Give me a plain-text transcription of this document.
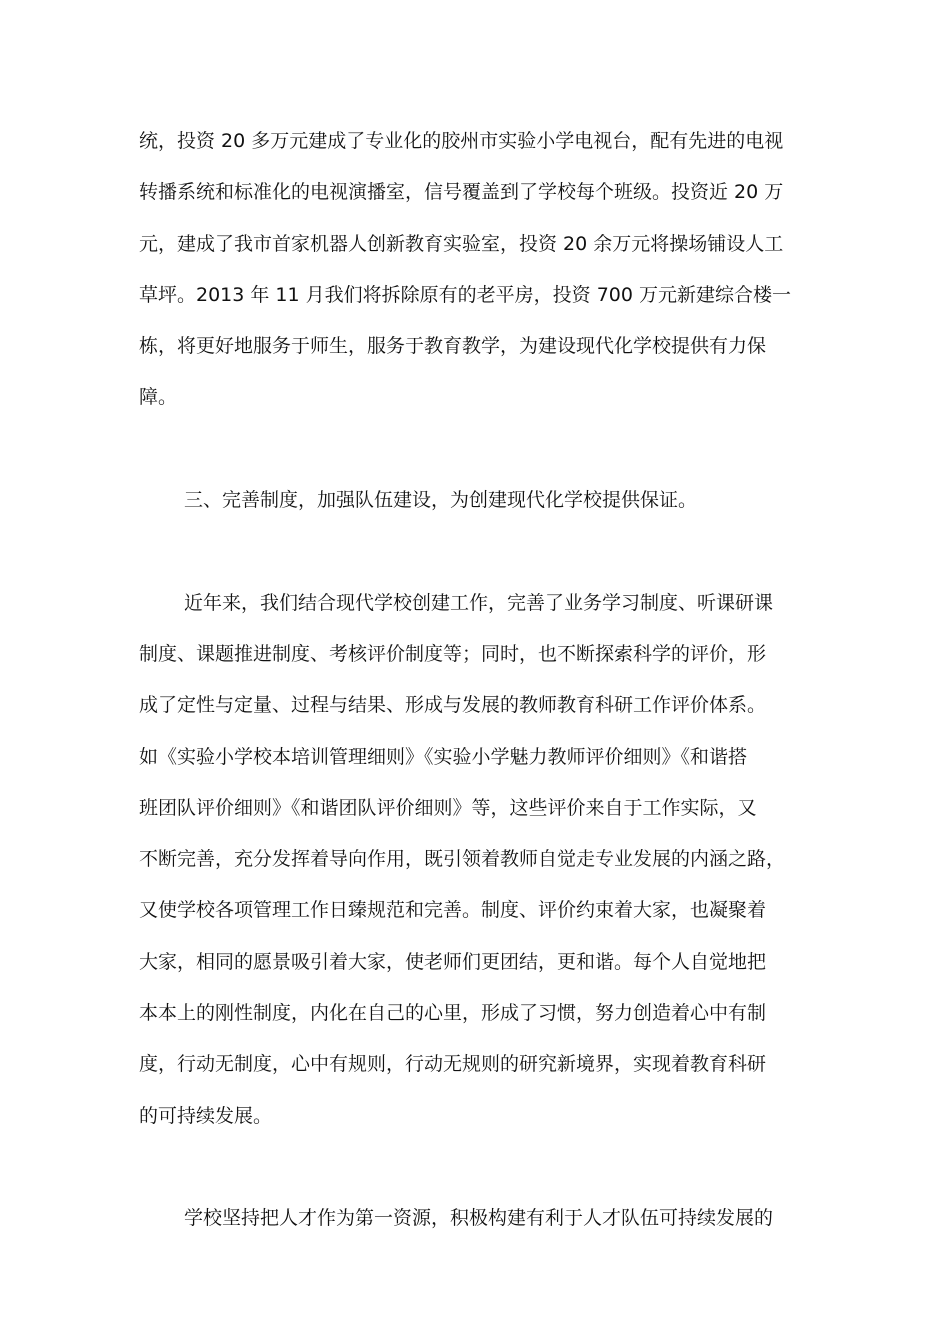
统，投资 20 多万元建成了专业化的胶州市实验小学电视台，配有先进的电视
转播系统和标准化的电视演播室，信号覆盖到了学校每个班级。投资近 20 万
元，建成了我市首家机器人创新教育实验室，投资 20 余万元将操场铺设人工
草坪。2013 年 11 月我们将拆除原有的老平房，投资 700 万元新建综合楼一
栋，将更好地服务于师生，服务于教育教学，为建设现代化学校提供有力保
障。
三、完善制度，加强队伍建设，为创建现代化学校提供保证。
近年来，我们结合现代学校创建工作，完善了业务学习制度、听课研课
制度、课题推进制度、考核评价制度等；同时，也不断探索科学的评价，形
成了定性与定量、过程与结果、形成与发展的教师教育科研工作评价体系。
如《实验小学校本培训管理细则》《实验小学魅力教师评价细则》《和谐搭
班团队评价细则》《和谐团队评价细则》等，这些评价来自于工作实际，又
不断完善，充分发挥着导向作用，既引领着教师自觉走专业发展的内涵之路，
又使学校各项管理工作日臻规范和完善。制度、评价约束着大家，也凝聚着
大家，相同的愿景吸引着大家，使老师们更团结，更和谐。每个人自觉地把
本本上的刚性制度，内化在自己的心里，形成了习惯，努力创造着心中有制
度，行动无制度，心中有规则，行动无规则的研究新境界，实现着教育科研
的可持续发展。
学校坚持把人才作为第一资源，积极构建有利于人才队伍可持续发展的
